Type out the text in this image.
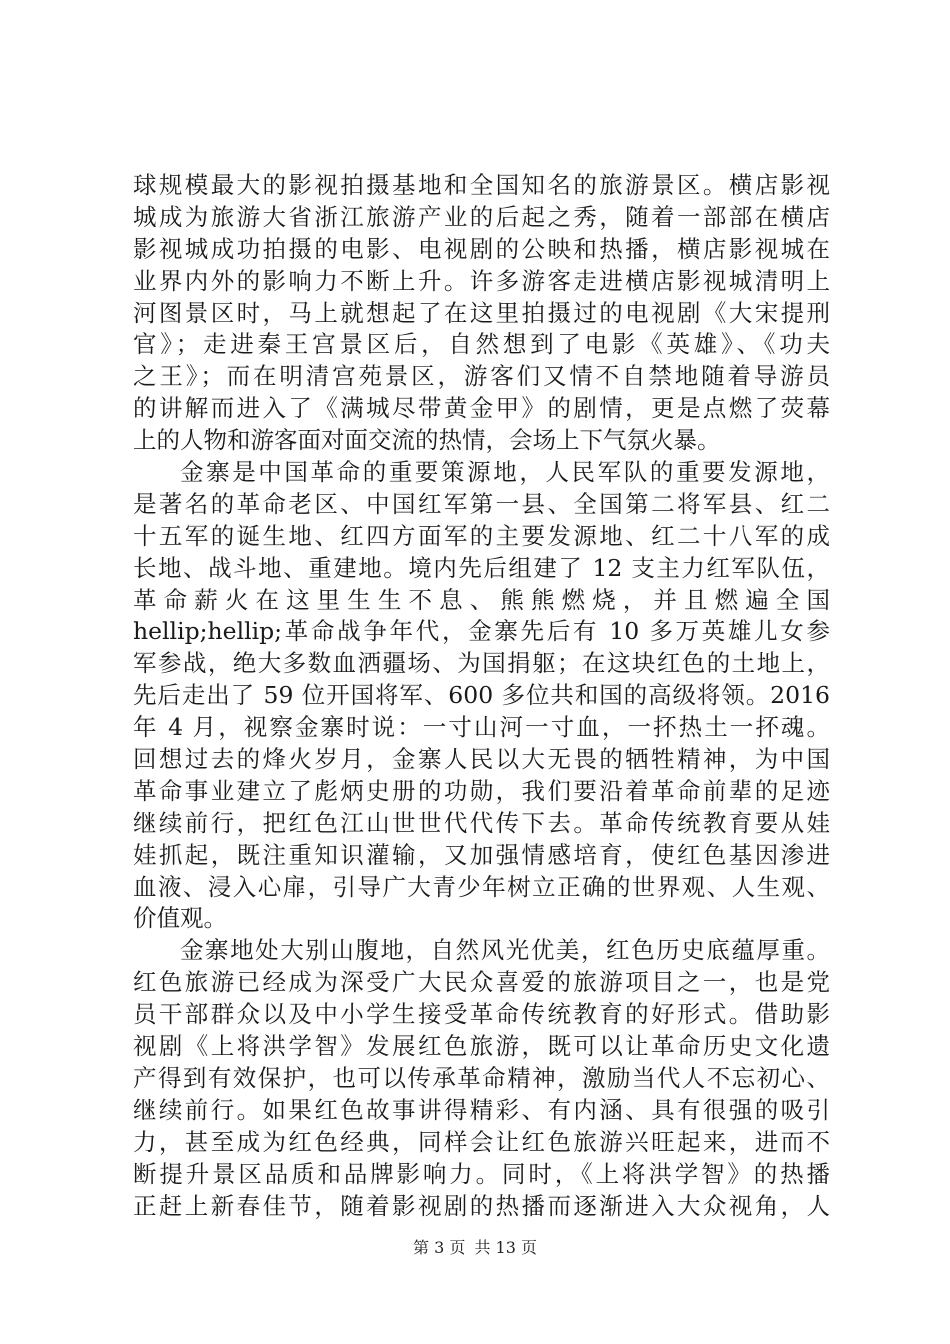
球规模最大的影视拍摄基地和全国知名的旅游景区。横店影视
城成为旅游大省浙江旅游产业的后起之秀，随着一部部在横店
影视城成功拍摄的电影、电视剧的公映和热播，横店影视城在
业界内外的影响力不断上升。许多游客走进横店影视城清明上
河图景区时，马上就想起了在这里拍摄过的电视剧《大宋提刑
官》；走进秦王宫景区后，自然想到了电影《英雄》、《功夫
之王》；而在明清宫苑景区，游客们又情不自禁地随着导游员
的讲解而进入了《满城尽带黄金甲》的剧情，更是点燃了荧幕
上的人物和游客面对面交流的热情，会场上下气氛火暴。
金寨是中国革命的重要策源地，人民军队的重要发源地，
是著名的革命老区、中国红军第一县、全国第二将军县、红二
十五军的诞生地、红四方面军的主要发源地、红二十八军的成
长地、战斗地、重建地。境内先后组建了 12 支主力红军队伍，
革命薪火在这里生生不息、熊熊燃烧，并且燃遍全国
hellip;hellip;革命战争年代，金寨先后有 10 多万英雄儿女参
军参战，绝大多数血洒疆场、为国捐躯；在这块红色的土地上，
先后走出了 59 位开国将军、600 多位共和国的高级将领。2016
年 4 月，视察金寨时说：一寸山河一寸血，一抔热土一抔魂。
回想过去的烽火岁月，金寨人民以大无畏的牺牲精神，为中国
革命事业建立了彪炳史册的功勋，我们要沿着革命前辈的足迹
继续前行，把红色江山世世代代传下去。革命传统教育要从娃
娃抓起，既注重知识灌输，又加强情感培育，使红色基因渗进
血液、浸入心扉，引导广大青少年树立正确的世界观、人生观、
价值观。
金寨地处大别山腹地，自然风光优美，红色历史底蕴厚重。
红色旅游已经成为深受广大民众喜爱的旅游项目之一，也是党
员干部群众以及中小学生接受革命传统教育的好形式。借助影
视剧《上将洪学智》发展红色旅游，既可以让革命历史文化遗
产得到有效保护，也可以传承革命精神，激励当代人不忘初心、
继续前行。如果红色故事讲得精彩、有内涵、具有很强的吸引
力，甚至成为红色经典，同样会让红色旅游兴旺起来，进而不
断提升景区品质和品牌影响力。同时，《上将洪学智》的热播
正赶上新春佳节，随着影视剧的热播而逐渐进入大众视角，人
第 3 页 共 13 页
